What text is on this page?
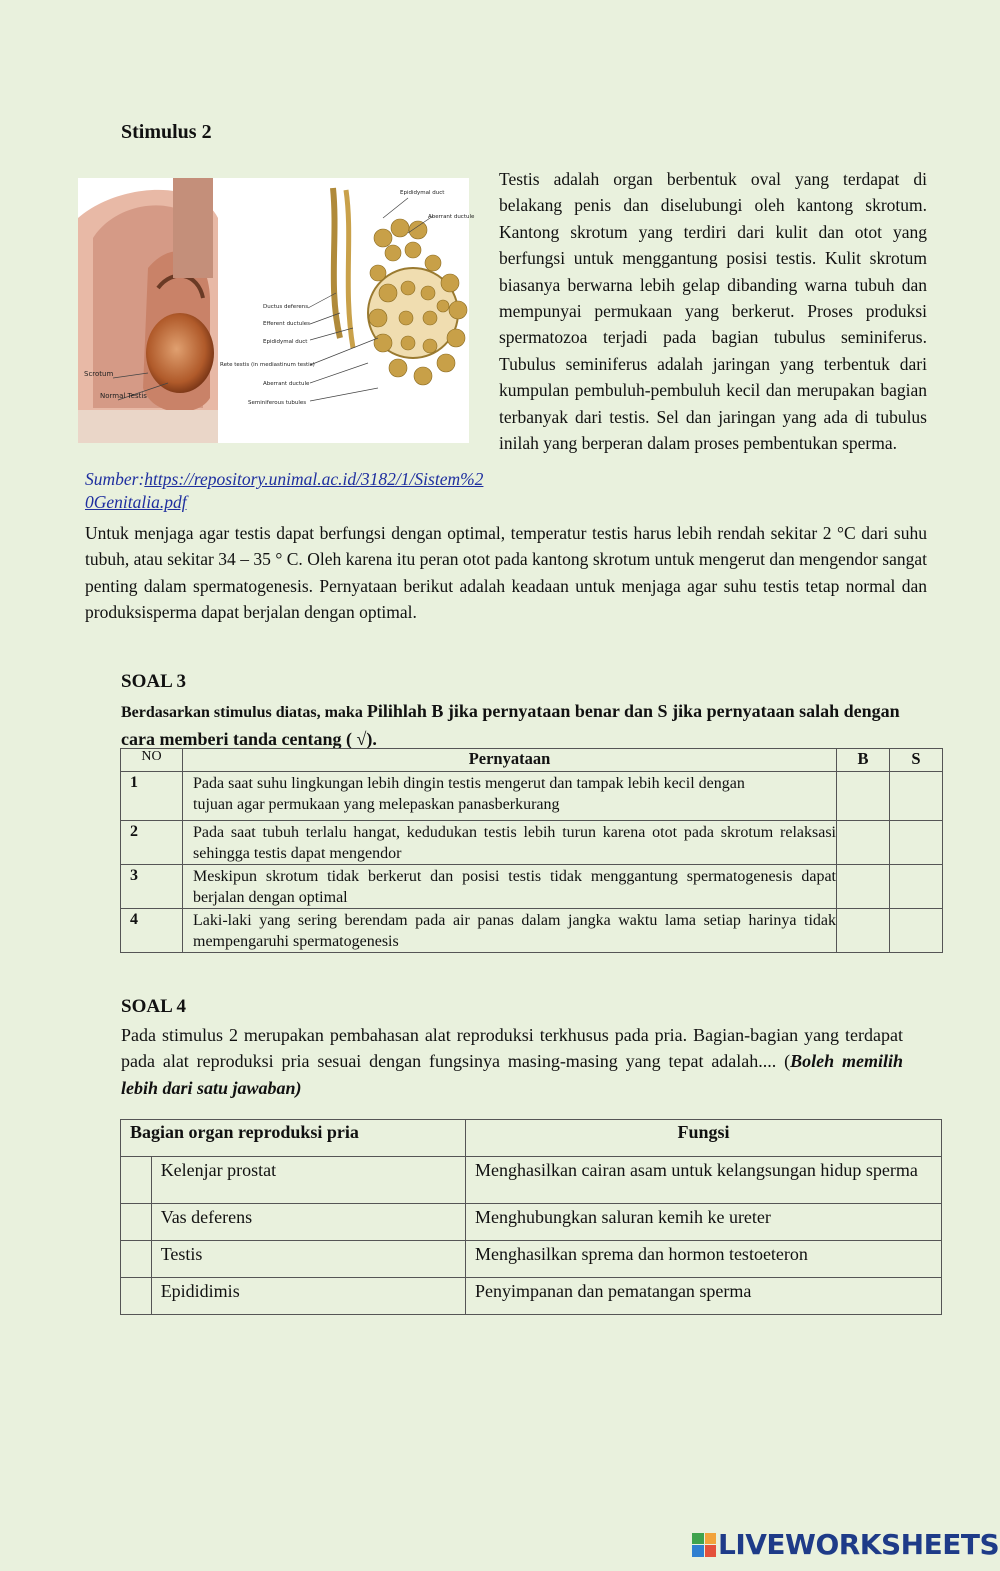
Stimulus 2
Scrotum
Normal Testis
Epididymal duct
Aberrant ductule
Ductus deferens
Efferent ductules
Epididymal duct
Rete testis (in mediastinum testis)
Aberrant ductule
Seminiferous tubules
Sumber:https://repository.unimal.ac.id/3182/1/Sistem%20Genitalia.pdf
Testis adalah organ berbentuk oval yang terdapat di belakang penis dan diselubungi oleh kantong skrotum. Kantong skrotum yang terdiri dari kulit dan otot yang berfungsi untuk menggantung posisi testis. Kulit skrotum biasanya berwarna lebih gelap dibanding warna tubuh dan mempunyai permukaan yang berkerut. Proses produksi spermatozoa terjadi pada bagian tubulus seminiferus. Tubulus seminiferus adalah jaringan yang terbentuk dari kumpulan pembuluh-pembuluh kecil dan merupakan bagian terbanyak dari testis. Sel dan jaringan yang ada di tubulus inilah yang berperan dalam proses pembentukan sperma.
Untuk menjaga agar testis dapat berfungsi dengan optimal, temperatur testis harus lebih rendah sekitar 2 °C dari suhu tubuh, atau sekitar 34 – 35 ° C. Oleh karena itu peran otot pada kantong skrotum untuk mengerut dan mengendor sangat penting dalam spermatogenesis. Pernyataan berikut adalah keadaan untuk menjaga agar suhu testis tetap normal dan produksisperma dapat berjalan dengan optimal.
SOAL 3
Berdasarkan stimulus diatas, maka Pilihlah B jika pernyataan benar dan S jika pernyataan salah dengan cara memberi tanda centang ( √).
NO	Pernyataan	B	S
1	Pada saat suhu lingkungan lebih dingin testis mengerut dan tampak lebih kecil dengan tujuan agar permukaan yang melepaskan panasberkurang		
2	Pada saat tubuh terlalu hangat, kedudukan testis lebih turun karena otot pada skrotum relaksasi sehingga testis dapat mengendor		
3	Meskipun skrotum tidak berkerut dan posisi testis tidak menggantung spermatogenesis dapat berjalan dengan optimal		
4	Laki-laki yang sering berendam pada air panas dalam jangka waktu lama setiap harinya tidak mempengaruhi spermatogenesis		
SOAL 4
Pada stimulus 2 merupakan pembahasan alat reproduksi terkhusus pada pria. Bagian-bagian yang terdapat pada alat reproduksi pria sesuai dengan fungsinya masing-masing yang tepat adalah.... (Boleh memilih lebih dari satu jawaban)
Bagian organ reproduksi pria		Fungsi
	Kelenjar prostat	Menghasilkan cairan asam untuk kelangsungan hidup sperma
	Vas deferens	Menghubungkan saluran kemih ke ureter
	Testis	Menghasilkan sprema dan hormon testoeteron
	Epididimis	Penyimpanan dan pematangan sperma
LIVEWORKSHEETS
